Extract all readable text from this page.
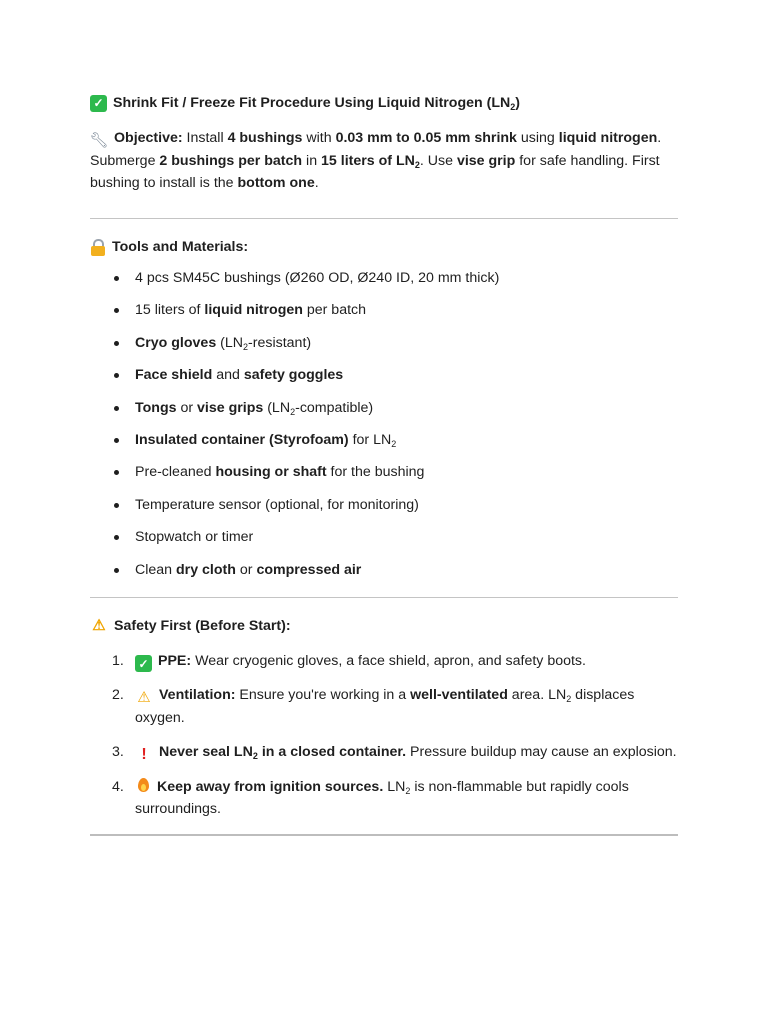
✓ Shrink Fit / Freeze Fit Procedure Using Liquid Nitrogen $(LN_2)$

🔧︎ Objective: Install 4 bushings with 0.03 mm to 0.05 mm shrink using liquid nitrogen. Submerge 2 bushings per batch in 15 liters of $LN_2$. Use vise grip for safe handling. First bushing to install is the bottom one.

Tools and Materials:
4 pcs SM45C bushings (Ø260 OD, Ø240 ID, 20 mm thick)
15 liters of liquid nitrogen per batch
Cryo gloves $(LN_2-resistant)$
Face shield and safety goggles
Tongs or vise grips $(LN_2-compatible)$
Insulated container (Styrofoam) for $LN_2$
Pre-cleaned housing or shaft for the bushing
Temperature sensor (optional, for monitoring)
Stopwatch or timer
Clean dry cloth or compressed air
⚠ Safety First (Before Start):
1. ✓ PPE: Wear cryogenic gloves, a face shield, apron, and safety boots.
2. ⚠ Ventilation: Ensure you're working in a well-ventilated area. $LN_2$ displaces oxygen.
3. ! Never seal $LN_2$ in a closed container. Pressure buildup may cause an explosion.
4. Keep away from ignition sources. $LN_2$ is non-flammable but rapidly cools surroundings.
